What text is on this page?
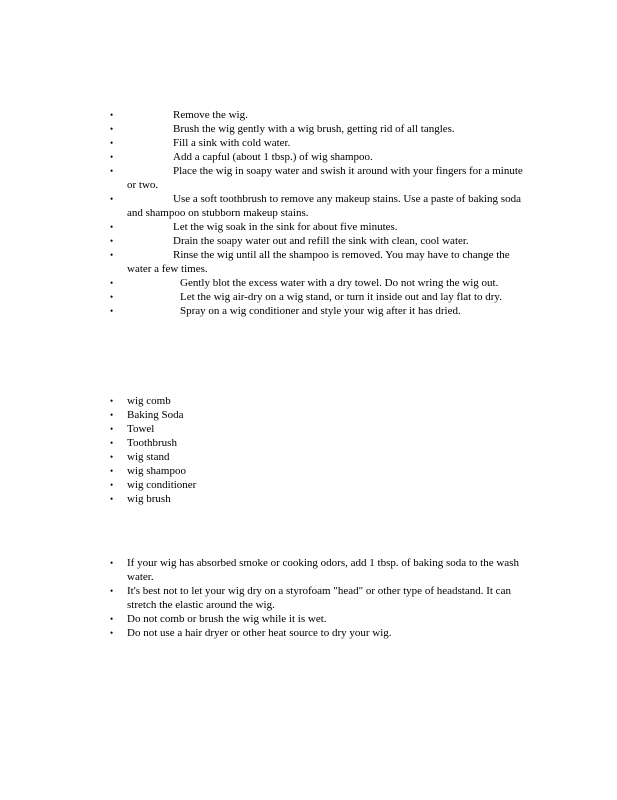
•	Remove the wig.
•	Brush the wig gently with a wig brush, getting rid of all tangles.
•	Fill a sink with cold water.
•	Add a capful (about 1 tbsp.) of wig shampoo.
•	Place the wig in soapy water and swish it around with your fingers for a minute or two.
•	Use a soft toothbrush to remove any makeup stains. Use a paste of baking soda and shampoo on stubborn makeup stains.
•	Let the wig soak in the sink for about five minutes.
•	Drain the soapy water out and refill the sink with clean, cool water.
•	Rinse the wig until all the shampoo is removed. You may have to change the water a few times.
•	Gently blot the excess water with a dry towel. Do not wring the wig out.
•	Let the wig air-dry on a wig stand, or turn it inside out and lay flat to dry.
•	Spray on a wig conditioner and style your wig after it has dried.
• wig comb
• Baking Soda
• Towel
• Toothbrush
• wig stand
• wig shampoo
• wig conditioner
• wig brush
• If your wig has absorbed smoke or cooking odors, add 1 tbsp. of baking soda to the wash water.
• It's best not to let your wig dry on a styrofoam "head" or other type of headstand. It can stretch the elastic around the wig.
• Do not comb or brush the wig while it is wet.
• Do not use a hair dryer or other heat source to dry your wig.
